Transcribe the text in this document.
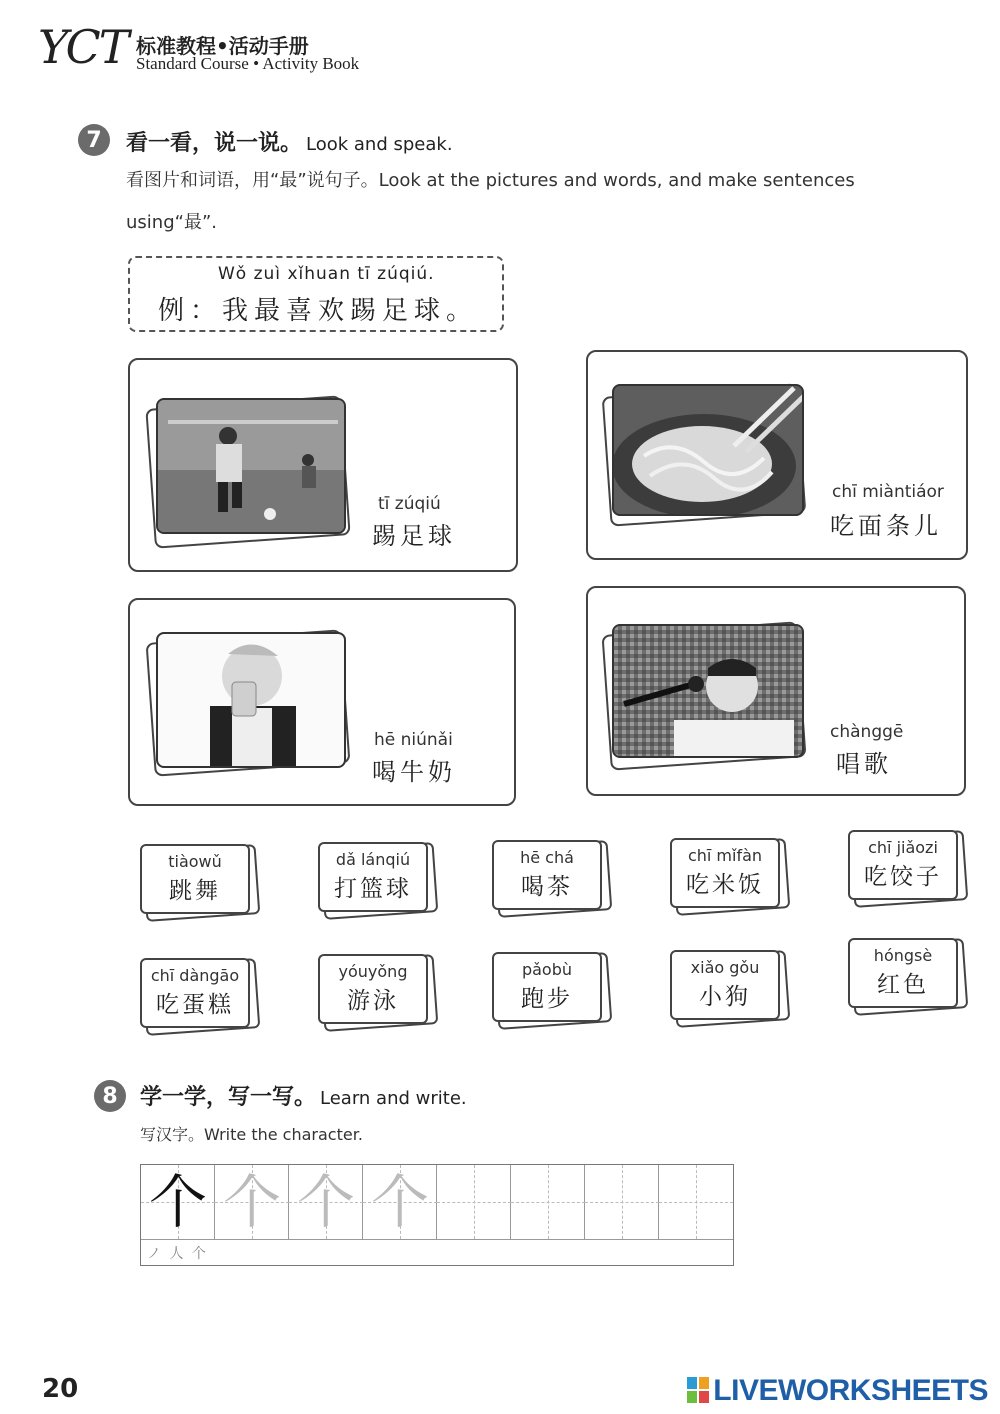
YCT 标准教程•活动手册
Standard Course • Activity Book
7	看一看，说一说。 Look and speak.
看图片和词语，用“最”说句子。Look at the pictures and words, and make sentences
using“最”.
Wǒ zuì xǐhuan tī zúqiú.
例：我最喜欢踢足球。
tī zúqiú
踢足球
chī miàntiáor
吃面条儿
hē niúnǎi
喝牛奶
chànggē
唱歌
tiàowǔ
跳舞
dǎ lánqiú
打篮球
hē chá
喝茶
chī mǐfàn
吃米饭
chī jiǎozi
吃饺子
chī dàngāo
吃蛋糕
yóuyǒng
游泳
pǎobù
跑步
xiǎo gǒu
小狗
hóngsè
红色
8	学一学，写一写。 Learn and write.
写汉字。Write the character.
个 个 个 个
ノ 人 个
20	LIVEWORKSHEETS
